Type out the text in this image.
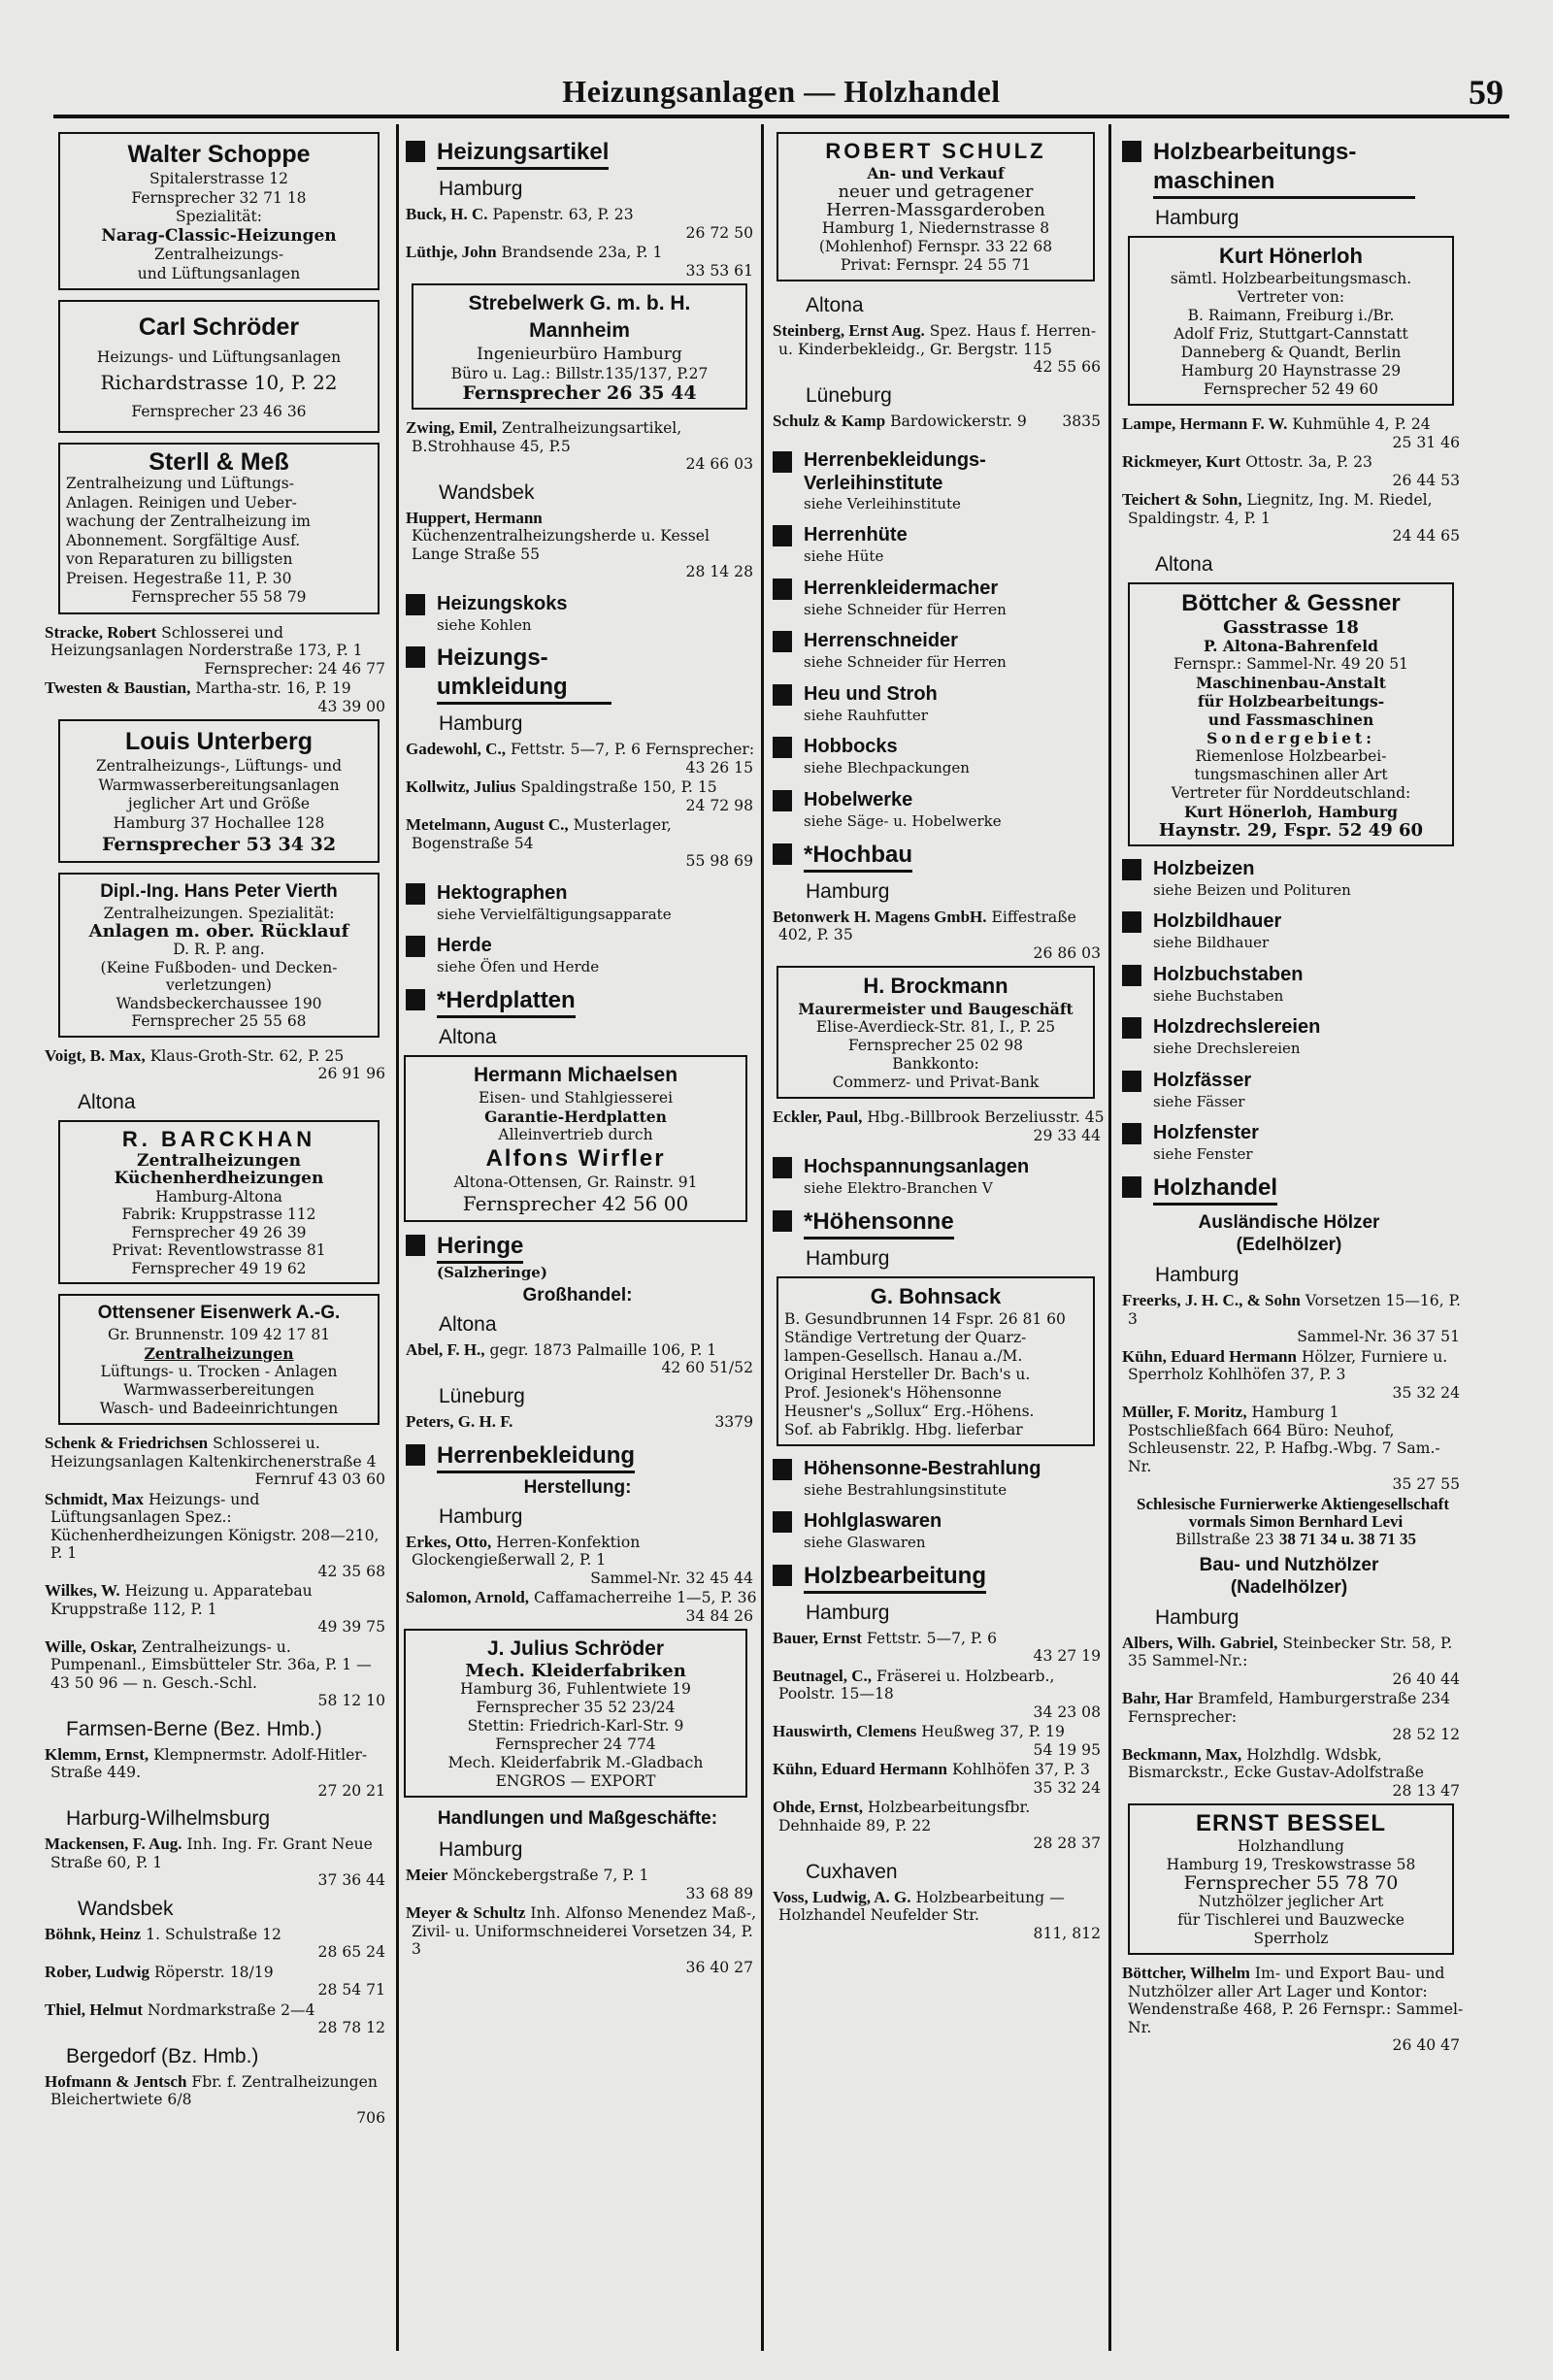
Heizungsanlagen — Holzhandel	59
Walter Schoppe
Spitalerstrasse 12
Fernsprecher 32 71 18
Spezialität:
Narag-Classic-Heizungen
Zentralheizungs-
und Lüftungsanlagen
Carl Schröder
Heizungs- und Lüftungsanlagen
Richardstrasse 10, P. 22
Fernsprecher 23 46 36
Sterll & Meß
Zentralheizung und Lüftungs-
Anlagen. Reinigen und Ueber-
wachung der Zentralheizung im
Abonnement. Sorgfältige Ausf.
von Reparaturen zu billigsten
Preisen. Hegestraße 11, P. 30
Fernsprecher 55 58 79
Stracke, Robert Schlosserei und Heizungsanlagen Norderstraße 173, P. 1
Fernsprecher: 24 46 77
Twesten & Baustian, Martha-str. 16, P. 19
43 39 00
Louis Unterberg
Zentralheizungs-, Lüftungs- und
Warmwasserbereitungsanlagen
jeglicher Art und Größe
Hamburg 37 Hochallee 128
Fernsprecher 53 34 32
Dipl.-Ing. Hans Peter Vierth
Zentralheizungen. Spezialität:
Anlagen m. ober. Rücklauf
D. R. P. ang.
(Keine Fußboden- und Decken-
verletzungen)
Wandsbeckerchaussee 190
Fernsprecher 25 55 68
Voigt, B. Max, Klaus-Groth-Str. 62, P. 25
26 91 96
Altona
R. BARCKHAN
Zentralheizungen
Küchenherdheizungen
Hamburg-Altona
Fabrik: Kruppstrasse 112
Fernsprecher 49 26 39
Privat: Reventlowstrasse 81
Fernsprecher 49 19 62
Ottensener Eisenwerk A.-G.
Gr. Brunnenstr. 109 42 17 81
Zentralheizungen
Lüftungs- u. Trocken - Anlagen
Warmwasserbereitungen
Wasch- und Badeeinrichtungen
Schenk & Friedrichsen Schlosserei u. Heizungsanlagen Kaltenkirchenerstraße 4
Fernruf 43 03 60
Schmidt, Max Heizungs- und Lüftungsanlagen Spez.: Küchenherdheizungen Königstr. 208—210, P. 1
42 35 68
Wilkes, W. Heizung u. Apparatebau Kruppstraße 112, P. 1
49 39 75
Wille, Oskar, Zentralheizungs- u. Pumpenanl., Eimsbütteler Str. 36a, P. 1 — 43 50 96 — n. Gesch.-Schl.
58 12 10
Farmsen-Berne (Bez. Hmb.)
Klemm, Ernst, Klempnermstr. Adolf-Hitler-Straße 449.
27 20 21
Harburg-Wilhelmsburg
Mackensen, F. Aug. Inh. Ing. Fr. Grant Neue Straße 60, P. 1
37 36 44
Wandsbek
Böhnk, Heinz 1. Schulstraße 12
28 65 24
Rober, Ludwig Röperstr. 18/19
28 54 71
Thiel, Helmut Nordmarkstraße 2—4
28 78 12
Bergedorf (Bz. Hmb.)
Hofmann & Jentsch Fbr. f. Zentralheizungen Bleichertwiete 6/8
706
Heizungsartikel
Hamburg
Buck, H. C. Papenstr. 63, P. 23
26 72 50
Lüthje, John Brandsende 23a, P. 1
33 53 61
Strebelwerk G. m. b. H. Mannheim
Ingenieurbüro Hamburg
Büro u. Lag.: Billstr.135/137, P.27
Fernsprecher 26 35 44
Zwing, Emil, Zentralheizungsartikel, B.Strohhause 45, P.5
24 66 03
Wandsbek
Huppert, Hermann Küchenzentralheizungsherde u. Kessel Lange Straße 55
28 14 28
Heizungskoks
siehe Kohlen
Heizungs-umkleidung
Hamburg
Gadewohl, C., Fettstr. 5—7, P. 6 Fernsprecher:
43 26 15
Kollwitz, Julius Spaldingstraße 150, P. 15
24 72 98
Metelmann, August C., Musterlager, Bogenstraße 54
55 98 69
Hektographen
siehe Vervielfältigungsapparate
Herde
siehe Öfen und Herde
*Herdplatten
Altona
Hermann Michaelsen
Eisen- und Stahlgiesserei
Garantie-Herdplatten
Alleinvertrieb durch
Alfons Wirfler
Altona-Ottensen, Gr. Rainstr. 91
Fernsprecher 42 56 00
Heringe
(Salzheringe)
Großhandel:
Altona
Abel, F. H., gegr. 1873 Palmaille 106, P. 1
42 60 51/52
Lüneburg
Peters, G. H. F.	3379
Herrenbekleidung
Herstellung:
Hamburg
Erkes, Otto, Herren-Konfektion Glockengießerwall 2, P. 1
Sammel-Nr. 32 45 44
Salomon, Arnold, Caffamacherreihe 1—5, P. 36
34 84 26
J. Julius Schröder
Mech. Kleiderfabriken
Hamburg 36, Fuhlentwiete 19
Fernsprecher 35 52 23/24
Stettin: Friedrich-Karl-Str. 9
Fernsprecher 24 774
Mech. Kleiderfabrik M.-Gladbach
ENGROS — EXPORT
Handlungen und Maßgeschäfte:
Hamburg
Meier Mönckebergstraße 7, P. 1
33 68 89
Meyer & Schultz Inh. Alfonso Menendez Maß-, Zivil- u. Uniformschneiderei Vorsetzen 34, P. 3
36 40 27
ROBERT SCHULZ
An- und Verkauf
neuer und getragener
Herren-Massgarderoben
Hamburg 1, Niedernstrasse 8
(Mohlenhof) Fernspr. 33 22 68
Privat: Fernspr. 24 55 71
Altona
Steinberg, Ernst Aug. Spez. Haus f. Herren- u. Kinderbekleidg., Gr. Bergstr. 115
42 55 66
Lüneburg
Schulz & Kamp Bardowickerstr. 9	3835
Herrenbekleidungs-Verleihinstitute
siehe Verleihinstitute
Herrenhüte
siehe Hüte
Herrenkleidermacher
siehe Schneider für Herren
Herrenschneider
siehe Schneider für Herren
Heu und Stroh
siehe Rauhfutter
Hobbocks
siehe Blechpackungen
Hobelwerke
siehe Säge- u. Hobelwerke
*Hochbau
Hamburg
Betonwerk H. Magens GmbH. Eiffestraße 402, P. 35
26 86 03
H. Brockmann
Maurermeister und Baugeschäft
Elise-Averdieck-Str. 81, I., P. 25
Fernsprecher 25 02 98
Bankkonto:
Commerz- und Privat-Bank
Eckler, Paul, Hbg.-Billbrook Berzeliusstr. 45
29 33 44
Hochspannungsanlagen
siehe Elektro-Branchen V
*Höhensonne
Hamburg
G. Bohnsack
B. Gesundbrunnen 14 Fspr. 26 81 60
Ständige Vertretung der Quarz-
lampen-Gesellsch. Hanau a./M.
Original Hersteller Dr. Bach's u.
Prof. Jesionek's Höhensonne
Heusner's „Sollux“ Erg.-Höhens.
Sof. ab Fabriklg. Hbg. lieferbar
Höhensonne-Bestrahlung
siehe Bestrahlungsinstitute
Hohlglaswaren
siehe Glaswaren
Holzbearbeitung
Hamburg
Bauer, Ernst Fettstr. 5—7, P. 6
43 27 19
Beutnagel, C., Fräserei u. Holzbearb., Poolstr. 15—18
34 23 08
Hauswirth, Clemens Heußweg 37, P. 19
54 19 95
Kühn, Eduard Hermann Kohlhöfen 37, P. 3
35 32 24
Ohde, Ernst, Holzbearbeitungsfbr. Dehnhaide 89, P. 22
28 28 37
Cuxhaven
Voss, Ludwig, A. G. Holzbearbeitung — Holzhandel Neufelder Str.
811, 812
Holzbearbeitungs-maschinen
Hamburg
Kurt Hönerloh
sämtl. Holzbearbeitungsmasch.
Vertreter von:
B. Raimann, Freiburg i./Br.
Adolf Friz, Stuttgart-Cannstatt
Danneberg & Quandt, Berlin
Hamburg 20 Haynstrasse 29
Fernsprecher 52 49 60
Lampe, Hermann F. W. Kuhmühle 4, P. 24
25 31 46
Rickmeyer, Kurt Ottostr. 3a, P. 23
26 44 53
Teichert & Sohn, Liegnitz, Ing. M. Riedel, Spaldingstr. 4, P. 1
24 44 65
Altona
Böttcher & Gessner
Gasstrasse 18
P. Altona-Bahrenfeld
Fernspr.: Sammel-Nr. 49 20 51
Maschinenbau-Anstalt
für Holzbearbeitungs-
und Fassmaschinen
Sondergebiet:
Riemenlose Holzbearbei-
tungsmaschinen aller Art
Vertreter für Norddeutschland:
Kurt Hönerloh, Hamburg
Haynstr. 29, Fspr. 52 49 60
Holzbeizen
siehe Beizen und Polituren
Holzbildhauer
siehe Bildhauer
Holzbuchstaben
siehe Buchstaben
Holzdrechslereien
siehe Drechslereien
Holzfässer
siehe Fässer
Holzfenster
siehe Fenster
Holzhandel
Ausländische Hölzer (Edelhölzer)
Hamburg
Freerks, J. H. C., & Sohn Vorsetzen 15—16, P. 3
Sammel-Nr. 36 37 51
Kühn, Eduard Hermann Hölzer, Furniere u. Sperrholz Kohlhöfen 37, P. 3
35 32 24
Müller, F. Moritz, Hamburg 1 Postschließfach 664 Büro: Neuhof, Schleusenstr. 22, P. Hafbg.-Wbg. 7 Sam.-Nr.
35 27 55
Schlesische Furnierwerke Aktiengesellschaft vormals Simon Bernhard Levi
Billstraße 23 38 71 34 u. 38 71 35
Bau- und Nutzhölzer (Nadelhölzer)
Hamburg
Albers, Wilh. Gabriel, Steinbecker Str. 58, P. 35 Sammel-Nr.:
26 40 44
Bahr, Har Bramfeld, Hamburgerstraße 234 Fernsprecher:
28 52 12
Beckmann, Max, Holzhdlg. Wdsbk, Bismarckstr., Ecke Gustav-Adolfstraße
28 13 47
ERNST BESSEL
Holzhandlung
Hamburg 19, Treskowstrasse 58
Fernsprecher 55 78 70
Nutzhölzer jeglicher Art
für Tischlerei und Bauzwecke
Sperrholz
Böttcher, Wilhelm Im- und Export Bau- und Nutzhölzer aller Art Lager und Kontor: Wendenstraße 468, P. 26 Fernspr.: Sammel-Nr.
26 40 47
